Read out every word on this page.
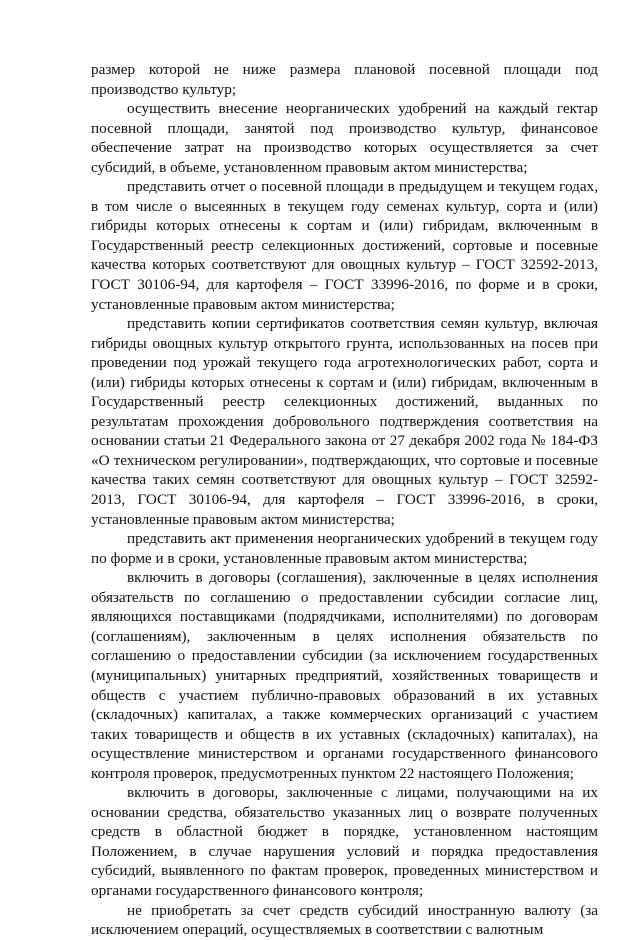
размер которой не ниже размера плановой посевной площади под производство культур;

осуществить внесение неорганических удобрений на каждый гектар посевной площади, занятой под производство культур, финансовое обеспечение затрат на производство которых осуществляется за счет субсидий, в объеме, установленном правовым актом министерства;

представить отчет о посевной площади в предыдущем и текущем годах, в том числе о высеянных в текущем году семенах культур, сорта и (или) гибриды которых отнесены к сортам и (или) гибридам, включенным в Государственный реестр селекционных достижений, сортовые и посевные качества которых соответствуют для овощных культур – ГОСТ 32592-2013, ГОСТ 30106-94, для картофеля – ГОСТ 33996-2016, по форме и в сроки, установленные правовым актом министерства;

представить копии сертификатов соответствия семян культур, включая гибриды овощных культур открытого грунта, использованных на посев при проведении под урожай текущего года агротехнологических работ, сорта и (или) гибриды которых отнесены к сортам и (или) гибридам, включенным в Государственный реестр селекционных достижений, выданных по результатам прохождения добровольного подтверждения соответствия на основании статьи 21 Федерального закона от 27 декабря 2002 года № 184-ФЗ «О техническом регулировании», подтверждающих, что сортовые и посевные качества таких семян соответствуют для овощных культур – ГОСТ 32592-2013, ГОСТ 30106-94, для картофеля – ГОСТ 33996-2016, в сроки, установленные правовым актом министерства;

представить акт применения неорганических удобрений в текущем году по форме и в сроки, установленные правовым актом министерства;

включить в договоры (соглашения), заключенные в целях исполнения обязательств по соглашению о предоставлении субсидии согласие лиц, являющихся поставщиками (подрядчиками, исполнителями) по договорам (соглашениям), заключенным в целях исполнения обязательств по соглашению о предоставлении субсидии (за исключением государственных (муниципальных) унитарных предприятий, хозяйственных товариществ и обществ с участием публично-правовых образований в их уставных (складочных) капиталах, а также коммерческих организаций с участием таких товариществ и обществ в их уставных (складочных) капиталах), на осуществление министерством и органами государственного финансового контроля проверок, предусмотренных пунктом 22 настоящего Положения;

включить в договоры, заключенные с лицами, получающими на их основании средства, обязательство указанных лиц о возврате полученных средств в областной бюджет в порядке, установленном настоящим Положением, в случае нарушения условий и порядка предоставления субсидий, выявленного по фактам проверок, проведенных министерством и органами государственного финансового контроля;

не приобретать за счет средств субсидий иностранную валюту (за исключением операций, осуществляемых в соответствии с валютным
